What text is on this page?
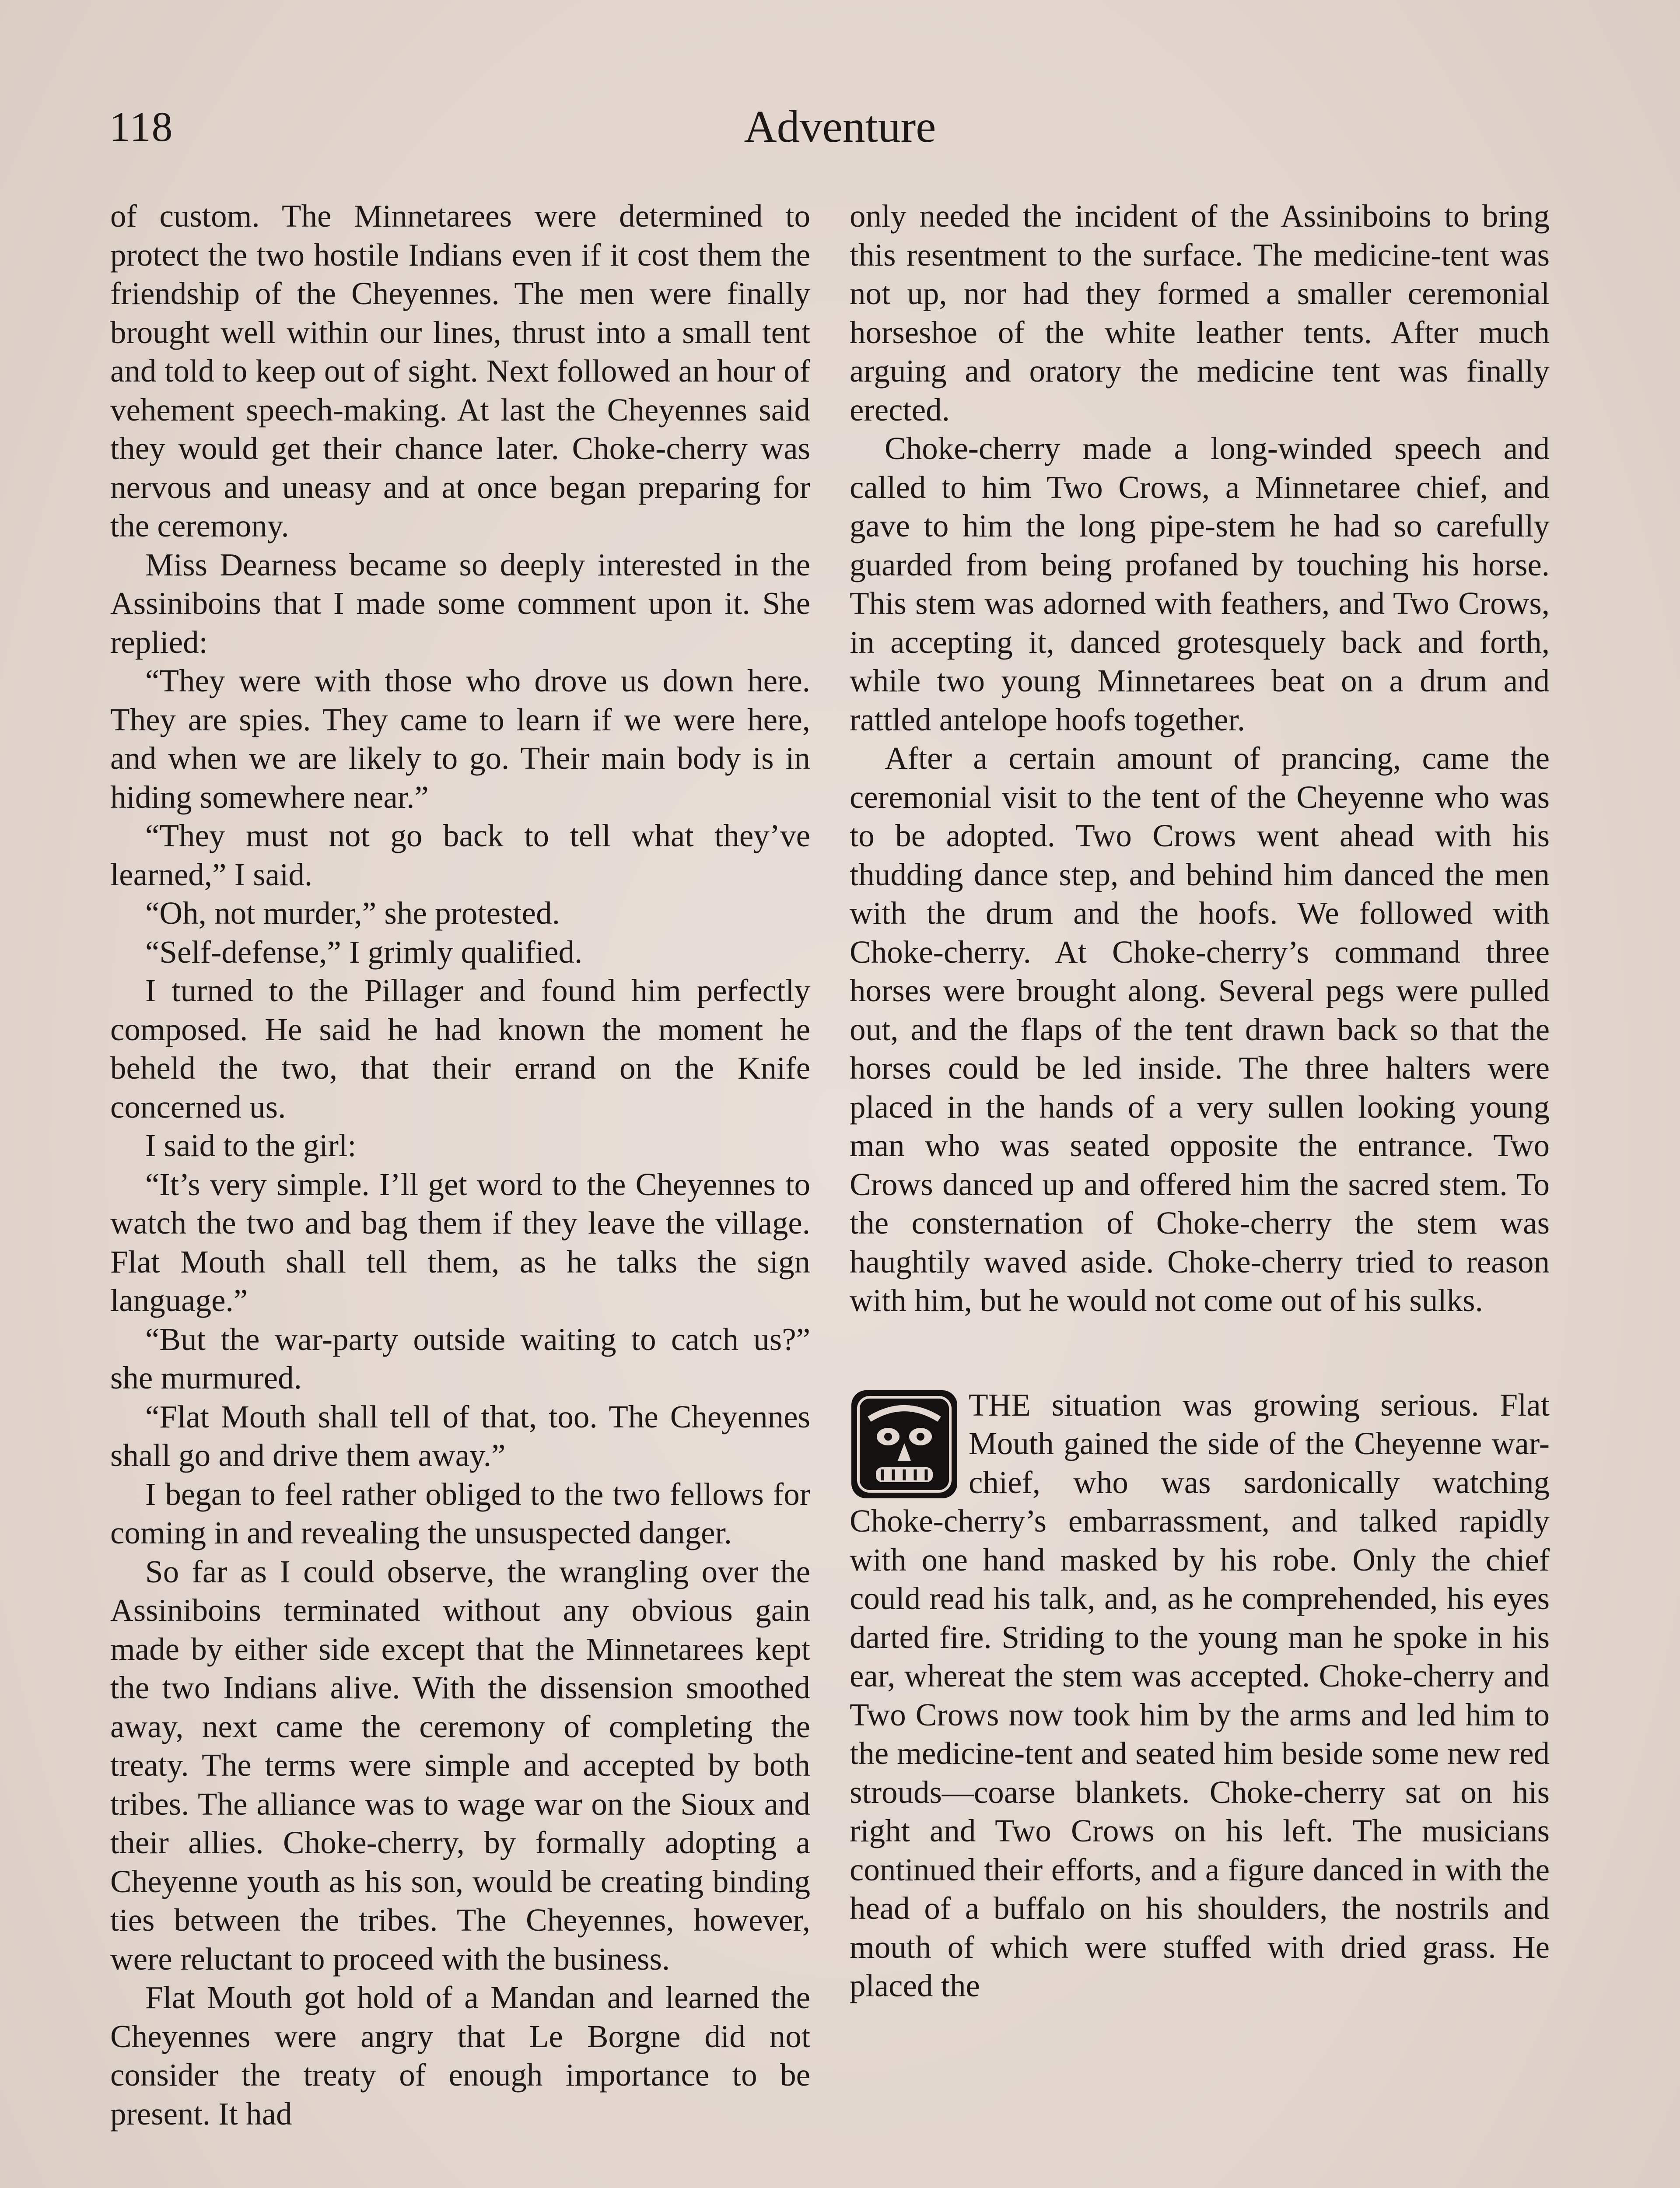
118	Adventure

of custom. The Minnetarees were determined to protect the two hostile Indians even if it cost them the friendship of the Cheyennes. The men were finally brought well within our lines, thrust into a small tent and told to keep out of sight. Next followed an hour of vehement speech-making. At last the Cheyennes said they would get their chance later. Choke-cherry was nervous and uneasy and at once began preparing for the ceremony.

Miss Dearness became so deeply interested in the Assiniboins that I made some comment upon it. She replied:

“They were with those who drove us down here. They are spies. They came to learn if we were here, and when we are likely to go. Their main body is in hiding somewhere near.”

“They must not go back to tell what they’ve learned,” I said.

“Oh, not murder,” she protested.

“Self-defense,” I grimly qualified.

I turned to the Pillager and found him perfectly composed. He said he had known the moment he beheld the two, that their errand on the Knife concerned us.

I said to the girl:

“It’s very simple. I’ll get word to the Cheyennes to watch the two and bag them if they leave the village. Flat Mouth shall tell them, as he talks the sign language.”

“But the war-party outside waiting to catch us?” she murmured.

“Flat Mouth shall tell of that, too. The Cheyennes shall go and drive them away.”

I began to feel rather obliged to the two fellows for coming in and revealing the unsuspected danger.

So far as I could observe, the wrangling over the Assiniboins terminated without any obvious gain made by either side except that the Minnetarees kept the two Indians alive. With the dissension smoothed away, next came the ceremony of completing the treaty. The terms were simple and accepted by both tribes. The alliance was to wage war on the Sioux and their allies. Choke-cherry, by formally adopting a Cheyenne youth as his son, would be creating binding ties between the tribes. The Cheyennes, however, were reluctant to proceed with the business.

Flat Mouth got hold of a Mandan and learned the Cheyennes were angry that Le Borgne did not consider the treaty of enough importance to be present. It had

only needed the incident of the Assiniboins to bring this resentment to the surface. The medicine-tent was not up, nor had they formed a smaller ceremonial horseshoe of the white leather tents. After much arguing and oratory the medicine tent was finally erected.

Choke-cherry made a long-winded speech and called to him Two Crows, a Minnetaree chief, and gave to him the long pipe-stem he had so carefully guarded from being profaned by touching his horse. This stem was adorned with feathers, and Two Crows, in accepting it, danced grotesquely back and forth, while two young Minnetarees beat on a drum and rattled antelope hoofs together.

After a certain amount of prancing, came the ceremonial visit to the tent of the Cheyenne who was to be adopted. Two Crows went ahead with his thudding dance step, and behind him danced the men with the drum and the hoofs. We followed with Choke-cherry. At Choke-cherry’s command three horses were brought along. Several pegs were pulled out, and the flaps of the tent drawn back so that the horses could be led inside. The three halters were placed in the hands of a very sullen looking young man who was seated opposite the entrance. Two Crows danced up and offered him the sacred stem. To the consternation of Choke-cherry the stem was haughtily waved aside. Choke-cherry tried to reason with him, but he would not come out of his sulks.

THE situation was growing serious. Flat Mouth gained the side of the Cheyenne war-chief, who was sardonically watching Choke-cherry’s embarrassment, and talked rapidly with one hand masked by his robe. Only the chief could read his talk, and, as he comprehended, his eyes darted fire. Striding to the young man he spoke in his ear, whereat the stem was accepted. Choke-cherry and Two Crows now took him by the arms and led him to the medicine-tent and seated him beside some new red strouds—coarse blankets. Choke-cherry sat on his right and Two Crows on his left. The musicians continued their efforts, and a figure danced in with the head of a buffalo on his shoulders, the nostrils and mouth of which were stuffed with dried grass. He placed the
